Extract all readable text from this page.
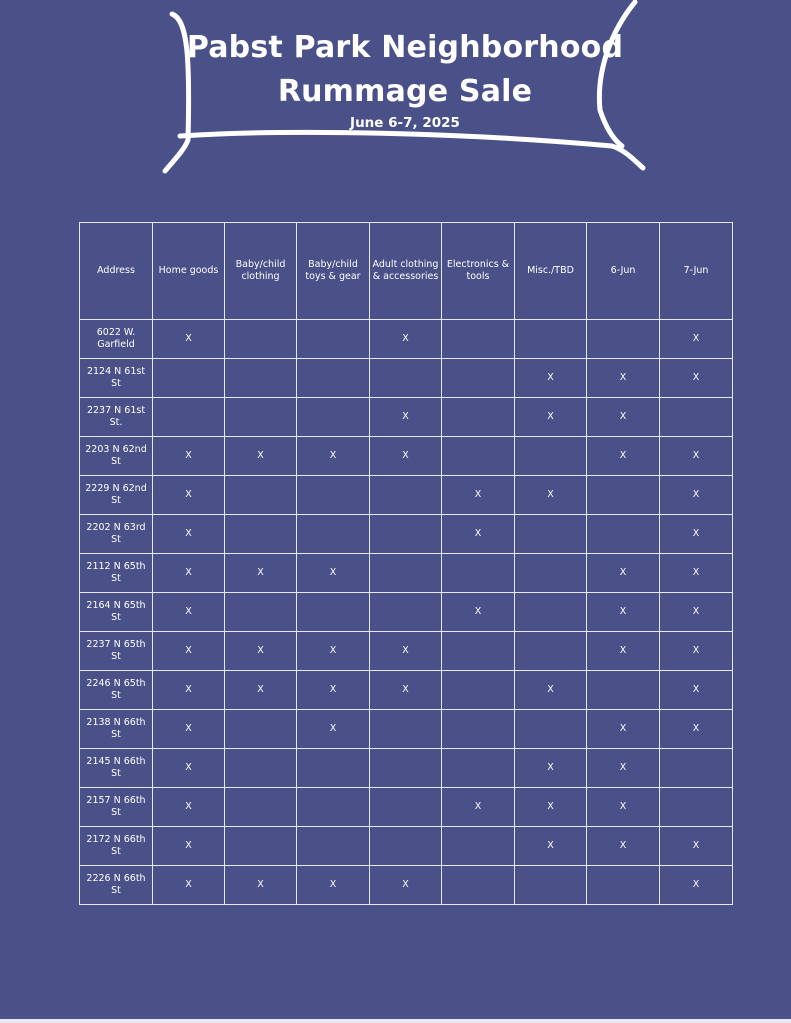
Pabst Park Neighborhood
Rummage Sale
June 6-7, 2025
Address	Home goods	Baby/child clothing	Baby/child toys & gear	Adult clothing & accessories	Electronics & tools	Misc./TBD	6-Jun	7-Jun
6022 W. Garfield	X			X				X
2124 N 61st St						X	X	X
2237 N 61st St.				X		X	X	
2203 N 62nd St	X	X	X	X			X	X
2229 N 62nd St	X				X	X		X
2202 N 63rd St	X				X			X
2112 N 65th St	X	X	X				X	X
2164 N 65th St	X				X		X	X
2237 N 65th St	X	X	X	X			X	X
2246 N 65th St	X	X	X	X		X		X
2138 N 66th St	X		X				X	X
2145 N 66th St	X					X	X	
2157 N 66th St	X				X	X	X	
2172 N 66th St	X					X	X	X
2226 N 66th St	X	X	X	X				X
